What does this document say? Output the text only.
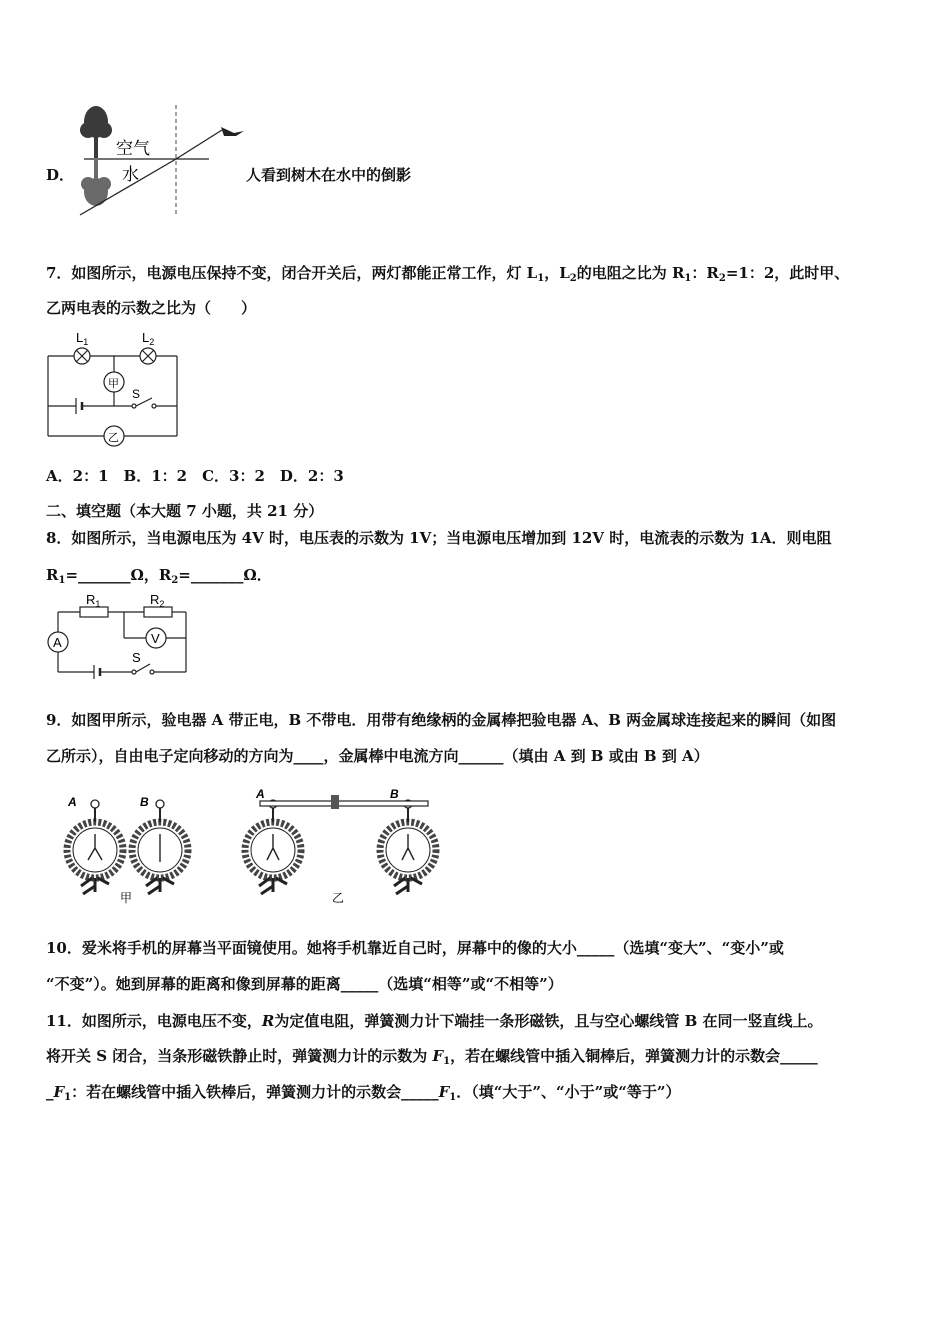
D．
空气
水	人看到树木在水中的倒影
7．如图所示，电源电压保持不变，闭合开关后，两灯都能正常工作，灯 $L_1$，$L_2$的电阻之比为 $R_1$：$R_2=1$：2，此时甲、
乙两电表的示数之比为（　　）
$L_1$	$L_2$
甲
S
乙
A．2：1　B．1：2　C．3：2　D．2：3
二、填空题（本大题 7 小题，共 21 分）
8．如图所示，当电源电压为 4V 时，电压表的示数为 1V；当电源电压增加到 12V 时，电流表的示数为 1A．则电阻
$R_1=\_\_\_\_\_\_\_\Omega$，$R_2=\_\_\_\_\_\_\_\Omega$．
$R_1$	$R_2$
A	V
S
9．如图甲所示，验电器 A 带正电，B 不带电．用带有绝缘柄的金属棒把验电器 A、B 两金属球连接起来的瞬间（如图
乙所示），自由电子定向移动的方向为____，金属棒中电流方向______（填由 A 到 B 或由 B 到 A）
A	B
A	B
甲	乙
10．爱米将手机的屏幕当平面镜使用。她将手机靠近自己时，屏幕中的像的大小_____（选填“变大”、“变小”或
“不变”）。她到屏幕的距离和像到屏幕的距离_____（选填“相等”或“不相等”）
11．如图所示，电源电压不变，R为定值电阻，弹簧测力计下端挂一条形磁铁，且与空心螺线管 B 在同一竖直线上。
将开关 S 闭合，当条形磁铁静止时，弹簧测力计的示数为 $F_1$，若在螺线管中插入铜棒后，弹簧测力计的示数会_____
$\_F_1$：若在螺线管中插入铁棒后，弹簧测力计的示数会$\_\_\_\_\_F_1$．（填“大于”、“小于”或“等于”）
